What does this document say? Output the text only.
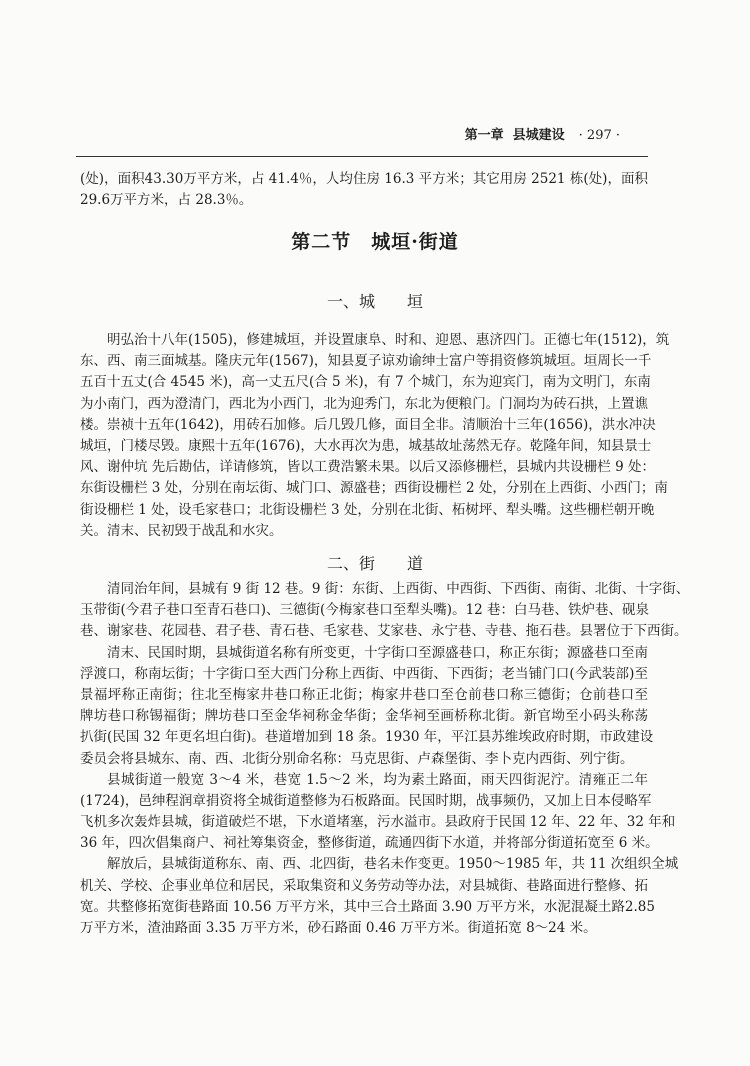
第一章  县城建设 · 297 ·
(处)，面积43.30万平方米，占 41.4％，人均住房 16.3 平方米；其它用房 2521 栋(处)，面积
29.6万平方米，占 28.3％。
第二节　城垣·街道
一、城　　垣
明弘治十八年(1505)，修建城垣，并设置康阜、时和、迎恩、惠济四门。正德七年(1512)，筑
东、西、南三面城基。隆庆元年(1567)，知县夏子谅劝谕绅士富户等捐资修筑城垣。垣周长一千
五百十五丈(合 4545 米)，高一丈五尺(合 5 米)，有 7 个城门，东为迎宾门，南为文明门，东南
为小南门，西为澄清门，西北为小西门，北为迎秀门，东北为便粮门。门洞均为砖石拱，上置谯
楼。崇祯十五年(1642)，用砖石加修。后几毁几修，面目全非。清顺治十三年(1656)，洪水冲决
城垣，门楼尽毁。康熙十五年(1676)，大水再次为患，城基故址荡然无存。乾隆年间，知县景士
风、谢仲坑 先后勘估，详请修筑，皆以工费浩繁未果。以后又添修栅栏，县城内共设栅栏 9 处：
东街设栅栏 3 处，分别在南坛街、城门口、源盛巷；西街设栅栏 2 处，分别在上西街、小西门；南
街设栅栏 1 处，设毛家巷口；北街设栅栏 3 处，分别在北街、柘树坪、犁头嘴。这些栅栏朝开晚
关。清末、民初毁于战乱和水灾。
二、街　　道
清同治年间，县城有 9 街 12 巷。9 街：东街、上西街、中西街、下西街、南街、北街、十字街、
玉带街(今君子巷口至青石巷口)、三德街(今梅家巷口至犁头嘴)。12 巷：白马巷、铁炉巷、砚泉
巷、谢家巷、花园巷、君子巷、青石巷、毛家巷、艾家巷、永宁巷、寺巷、拖石巷。县署位于下西街。
清末、民国时期，县城街道名称有所变更，十字街口至源盛巷口，称正东街；源盛巷口至南
浮渡口，称南坛街；十字街口至大西门分称上西街、中西街、下西街；老当铺门口(今武装部)至
景福坪称正南街；往北至梅家井巷口称正北街；梅家井巷口至仓前巷口称三德街；仓前巷口至
牌坊巷口称锡福街；牌坊巷口至金华祠称金华街；金华祠至画桥称北街。新官坳至小码头称荡
扒街(民国 32 年更名坦白街)。巷道增加到 18 条。1930 年，平江县苏维埃政府时期，市政建设
委员会将县城东、南、西、北街分别命名称：马克思街、卢森堡街、李卜克内西街、列宁街。
县城街道一般宽 3～4 米，巷宽 1.5～2 米，均为素土路面，雨天四街泥泞。清雍正二年
(1724)，邑绅程润章捐资将全城街道整修为石板路面。民国时期，战事频仍，又加上日本侵略军
飞机多次轰炸县城，街道破烂不堪，下水道堵塞，污水溢市。县政府于民国 12 年、22 年、32 年和
36 年，四次倡集商户、祠社筹集资金，整修街道，疏通四街下水道，并将部分街道拓宽至 6 米。
解放后，县城街道称东、南、西、北四街，巷名未作变更。1950～1985 年，共 11 次组织全城
机关、学校、企事业单位和居民，采取集资和义务劳动等办法，对县城街、巷路面进行整修、拓
宽。共整修拓宽街巷路面 10.56 万平方米，其中三合土路面 3.90 万平方米，水泥混凝土路2.85
万平方米，渣油路面 3.35 万平方米，砂石路面 0.46 万平方米。街道拓宽 8～24 米。
